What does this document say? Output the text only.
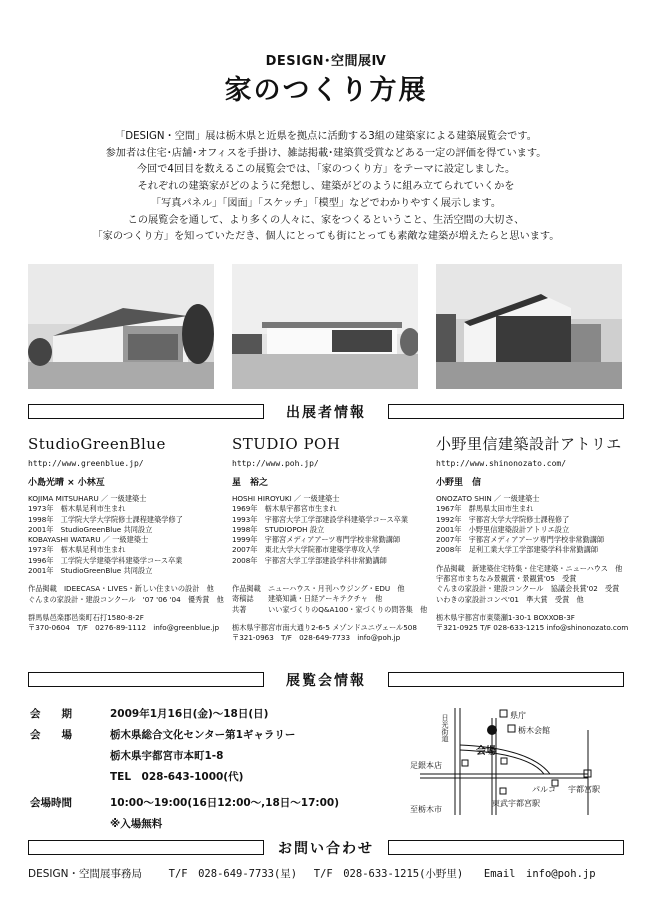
DESIGN･空間展Ⅳ
家のつくり方展
「DESIGN・空間」展は栃木県と近県を拠点に活動する3組の建築家による建築展覧会です。
参加者は住宅･店舗･オフィスを手掛け、雑誌掲載･建築賞受賞などある一定の評価を得ています。
今回で4回目を数えるこの展覧会では、「家のつくり方」をテーマに設定しました。
それぞれの建築家がどのように発想し、建築がどのように組み立てられていくかを
「写真パネル」「図面」「スケッチ」「模型」などでわかりやすく展示します。
この展覧会を通して、より多くの人々に、家をつくるということ、生活空間の大切さ、
「家のつくり方」を知っていただき、個人にとっても街にとっても素敵な建築が増えたらと思います。
出展者情報
StudioGreenBlue
http://www.greenblue.jp/
小島光晴 × 小林亙
KOJIMA MITSUHARU ／ 一級建築士
1973年　栃木県足利市生まれ
1998年　工学院大学大学院修士課程建築学修了
2001年　StudioGreenBlue 共同設立
KOBAYASHI WATARU ／ 一級建築士
1973年　栃木県足利市生まれ
1996年　工学院大学建築学科建築学コース卒業
2001年　StudioGreenBlue 共同設立
作品掲載　IDEECASA・LIVES・新しい住まいの設計　他
ぐんまの家設計・建設コンクール　'07 '06 '04　優秀賞　他
群馬県邑楽郡邑楽町石打1580-8-2F
〒370-0604　T/F　0276-89-1112　info@greenblue.jp
STUDIO POH
http://www.poh.jp/
星　裕之
HOSHI HIROYUKI ／ 一級建築士
1969年　栃木県宇都宮市生まれ
1993年　宇都宮大学工学部建設学科建築学コース卒業
1998年　STUDIOPOH 設立
1999年　宇都宮メディアアーツ専門学校非常勤講師
2007年　東北大学大学院都市建築学専攻入学
2008年　宇都宮大学工学部建設学科非常勤講師
作品掲載　ニューハウス・月刊ハウジング・EDU　他
寄稿誌　　建築知識・日経アーキテクチャ　他
共著　　　いい家づくりのQ&A100・家づくりの問答集　他
栃木県宇都宮市南大通り2-6-5 メゾンドユニヴェール508
〒321-0963　T/F　028-649-7733　info@poh.jp
小野里信建築設計アトリエ
http://www.shinonozato.com/
小野里　信
ONOZATO SHIN ／ 一級建築士
1967年　群馬県太田市生まれ
1992年　宇都宮大学大学院修士課程修了
2001年　小野里信建築設計アトリエ設立
2007年　宇都宮メディアアーツ専門学校非常勤講師
2008年　足利工業大学工学部建築学科非常勤講師
作品掲載　新建築住宅特集・住宅建築・ニューハウス　他
宇都宮市まちなみ景観賞・景観賞'05　受賞
ぐんまの家設計・建設コンクール　協議会長賞'02　受賞
いわきの家設計コンペ'01　準大賞　受賞　他
栃木県宇都宮市東簗瀬1-30-1 BOXXOB-3F
〒321-0925 T/F 028-633-1215 info@shinonozato.com
展覧会情報
会　　期	2009年1月16日(金)～18日(日)
会　　場	栃木県総合文化センター第1ギャラリー
栃木県宇都宮市本町1-8
TEL　028-643-1000(代)
会場時間	10:00～19:00(16日12:00～,18日～17:00)
※入場無料
県庁
日光街道	栃木会館
会場
足銀本店
パルコ 宇都宮駅
東武宇都宮駅
至栃木市
お問い合わせ
DESIGN・空間展事務局	T/F　028-649-7733(星) T/F　028-633-1215(小野里) Email　info@poh.jp
